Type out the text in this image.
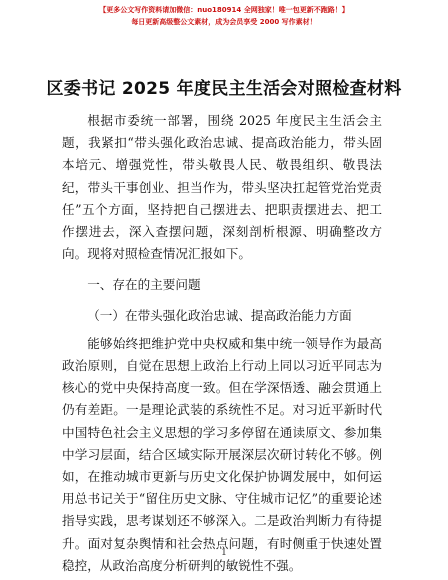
【更多公文写作资料请加微信：nuo180914 全网独家！唯一包更新不跑路！】
每日更新高级整公文素材，成为会员享受 2000 写作素材！
区委书记 2025 年度民主生活会对照检查材料

根据市委统一部署，围绕 2025 年度民主生活会主题，我紧扣“带头强化政治忠诚、提高政治能力，带头固本培元、增强党性，带头敬畏人民、敬畏组织、敬畏法纪，带头干事创业、担当作为，带头坚决扛起管党治党责任”五个方面，坚持把自己摆进去、把职责摆进去、把工作摆进去，深入查摆问题，深刻剖析根源、明确整改方向。现将对照检查情况汇报如下。

一、存在的主要问题

（一）在带头强化政治忠诚、提高政治能力方面

能够始终把维护党中央权威和集中统一领导作为最高政治原则，自觉在思想上政治上行动上同以习近平同志为核心的党中央保持高度一致。但在学深悟透、融会贯通上仍有差距。一是理论武装的系统性不足。对习近平新时代中国特色社会主义思想的学习多停留在通读原文、参加集中学习层面，结合区域实际开展深层次研讨转化不够。例如，在推动城市更新与历史文化保护协调发展中，如何运用总书记关于“留住历史文脉、守住城市记忆”的重要论述指导实践，思考谋划还不够深入。二是政治判断力有待提升。面对复杂舆情和社会热点问题，有时侧重于快速处置稳控，从政治高度分析研判的敏锐性不强。

1
